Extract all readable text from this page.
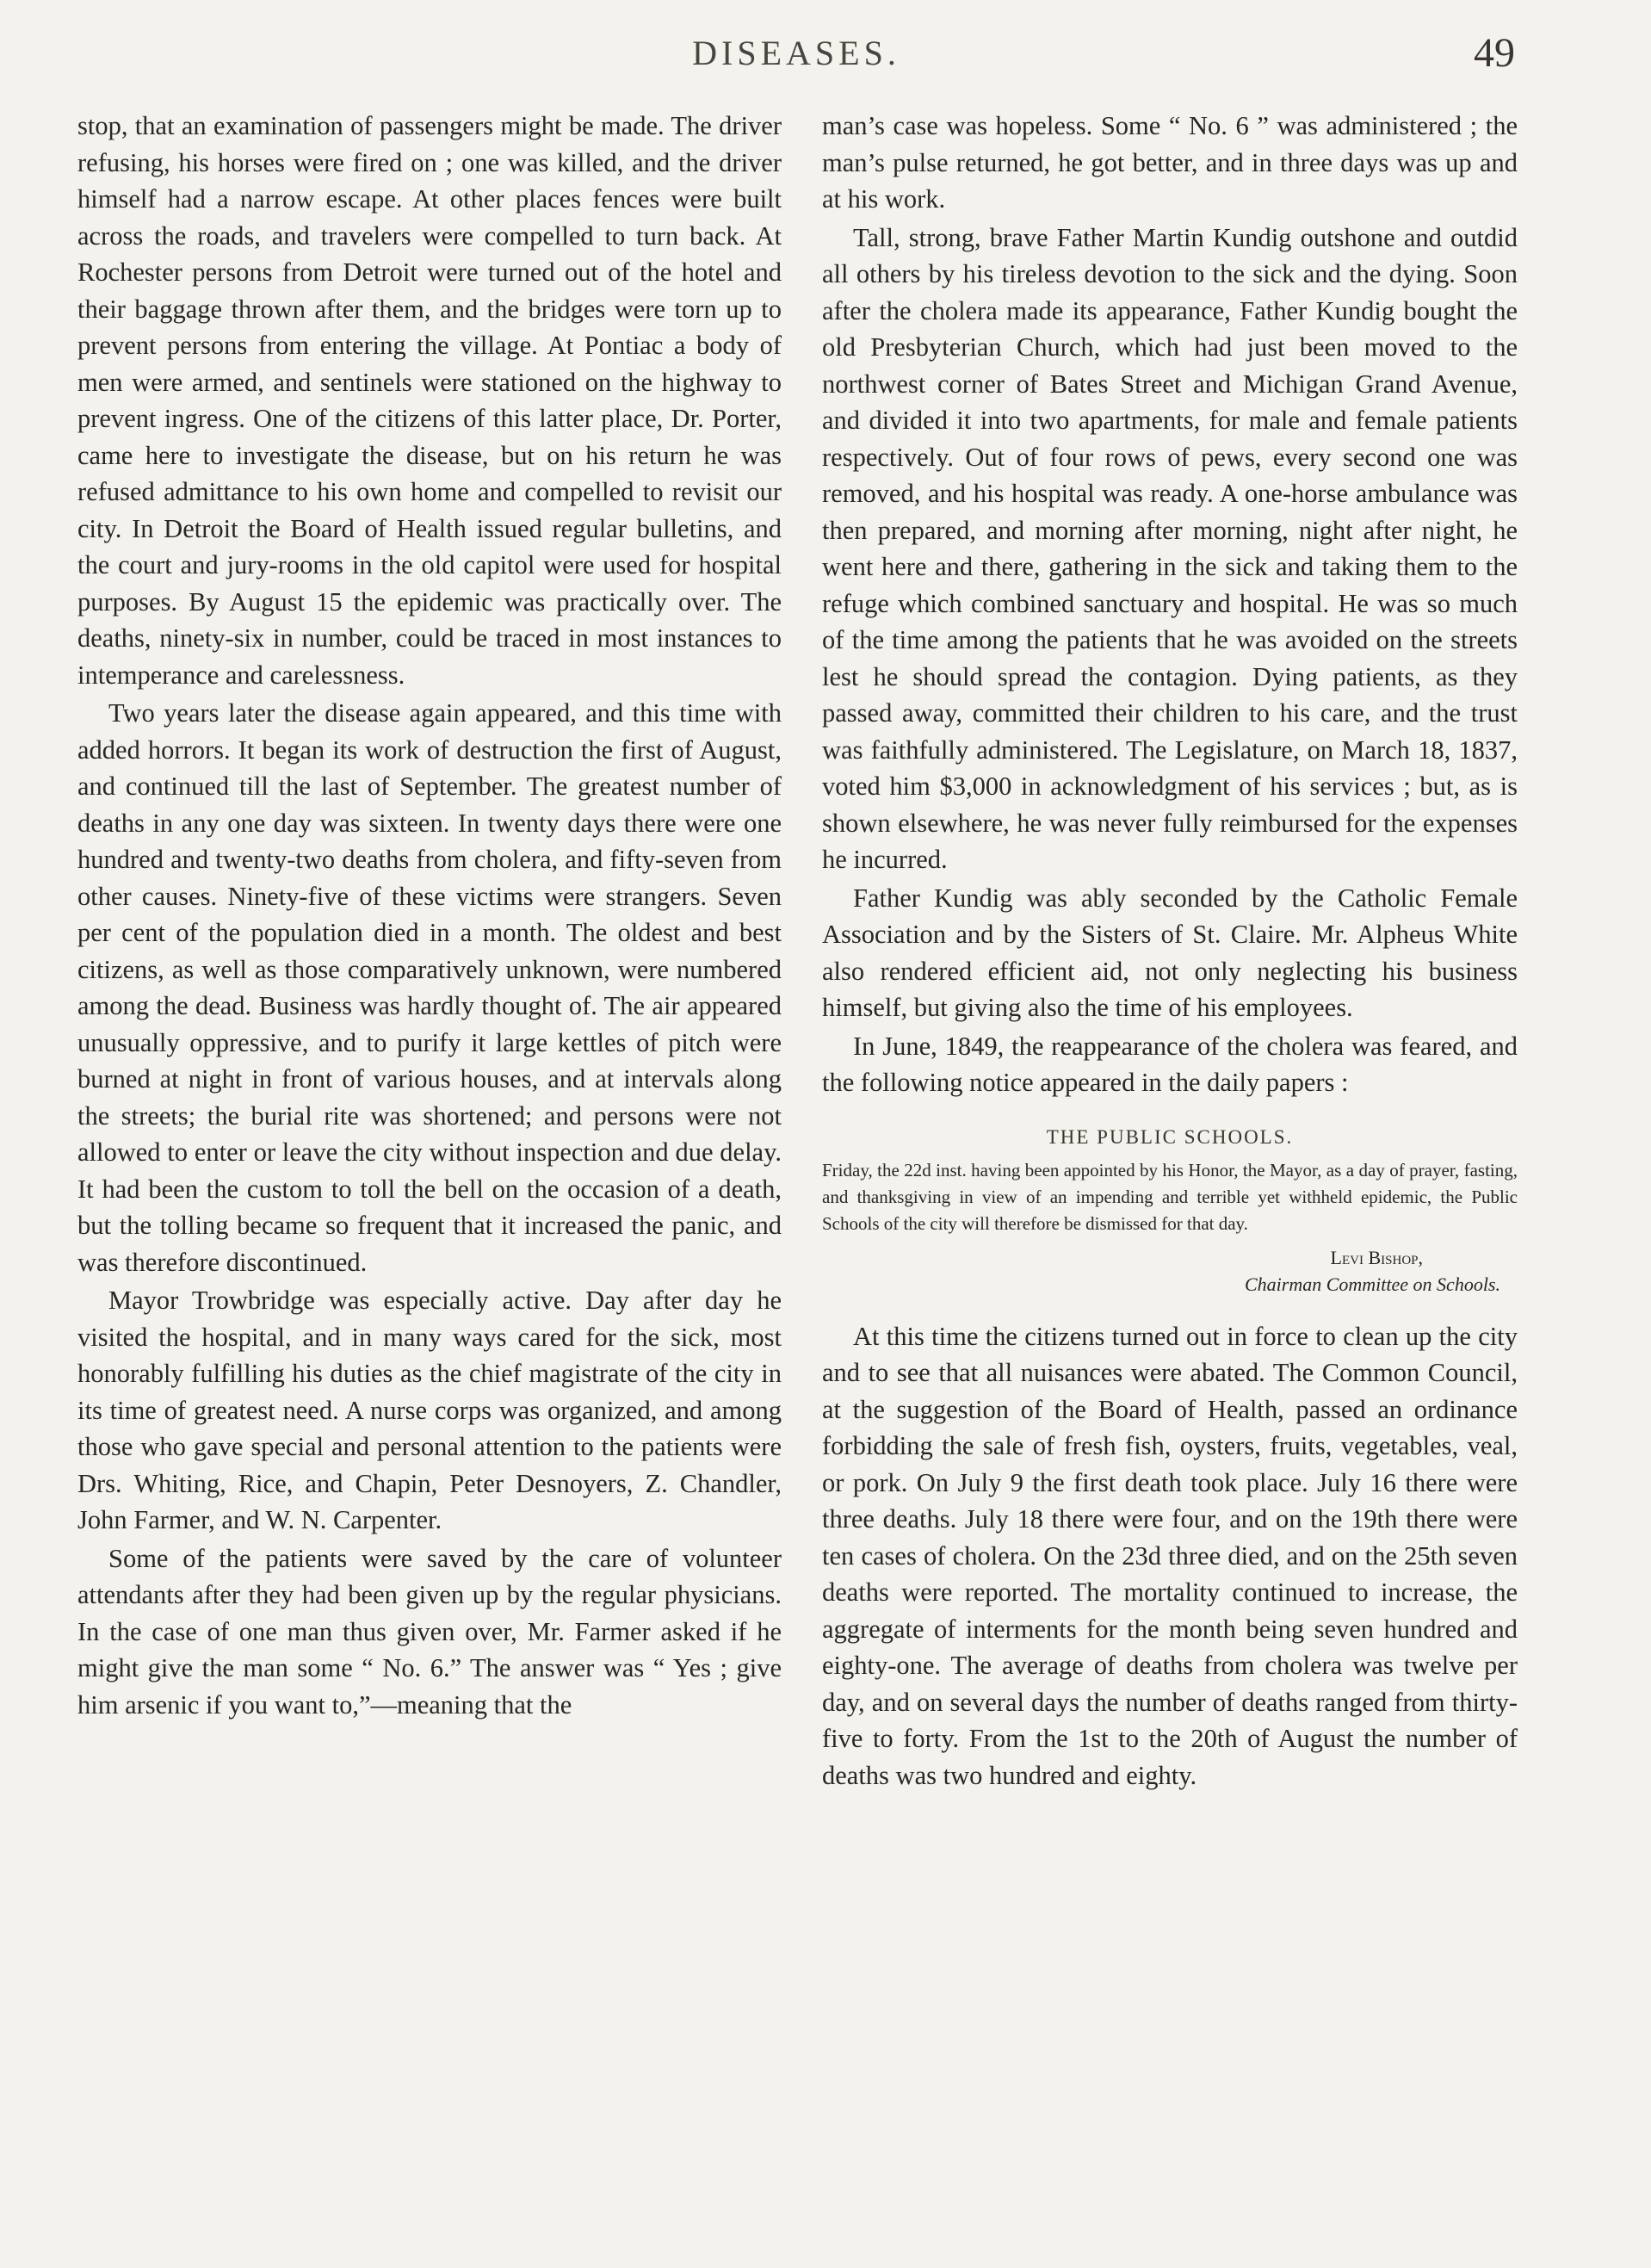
DISEASES.	49

stop, that an examination of passengers might be made. The driver refusing, his horses were fired on ; one was killed, and the driver himself had a narrow escape. At other places fences were built across the roads, and travelers were compelled to turn back. At Rochester persons from Detroit were turned out of the hotel and their baggage thrown after them, and the bridges were torn up to prevent persons from entering the village. At Pontiac a body of men were armed, and sentinels were stationed on the highway to prevent ingress. One of the citizens of this latter place, Dr. Porter, came here to investigate the disease, but on his return he was refused admittance to his own home and compelled to revisit our city. In Detroit the Board of Health issued regular bulletins, and the court and jury-rooms in the old capitol were used for hospital purposes. By August 15 the epidemic was practically over. The deaths, ninety-six in number, could be traced in most instances to intemperance and carelessness.

Two years later the disease again appeared, and this time with added horrors. It began its work of destruction the first of August, and continued till the last of September. The greatest number of deaths in any one day was sixteen. In twenty days there were one hundred and twenty-two deaths from cholera, and fifty-seven from other causes. Ninety-five of these victims were strangers. Seven per cent of the population died in a month. The oldest and best citizens, as well as those comparatively unknown, were numbered among the dead. Business was hardly thought of. The air appeared unusually oppressive, and to purify it large kettles of pitch were burned at night in front of various houses, and at intervals along the streets; the burial rite was shortened; and persons were not allowed to enter or leave the city without inspection and due delay. It had been the custom to toll the bell on the occasion of a death, but the tolling became so frequent that it increased the panic, and was therefore discontinued.

Mayor Trowbridge was especially active. Day after day he visited the hospital, and in many ways cared for the sick, most honorably fulfilling his duties as the chief magistrate of the city in its time of greatest need. A nurse corps was organized, and among those who gave special and personal attention to the patients were Drs. Whiting, Rice, and Chapin, Peter Desnoyers, Z. Chandler, John Farmer, and W. N. Carpenter.

Some of the patients were saved by the care of volunteer attendants after they had been given up by the regular physicians. In the case of one man thus given over, Mr. Farmer asked if he might give the man some “ No. 6.” The answer was “ Yes ; give him arsenic if you want to,”—meaning that the

man’s case was hopeless. Some “ No. 6 ” was administered ; the man’s pulse returned, he got better, and in three days was up and at his work.

Tall, strong, brave Father Martin Kundig outshone and outdid all others by his tireless devotion to the sick and the dying. Soon after the cholera made its appearance, Father Kundig bought the old Presbyterian Church, which had just been moved to the northwest corner of Bates Street and Michigan Grand Avenue, and divided it into two apartments, for male and female patients respectively. Out of four rows of pews, every second one was removed, and his hospital was ready. A one-horse ambulance was then prepared, and morning after morning, night after night, he went here and there, gathering in the sick and taking them to the refuge which combined sanctuary and hospital. He was so much of the time among the patients that he was avoided on the streets lest he should spread the contagion. Dying patients, as they passed away, committed their children to his care, and the trust was faithfully administered. The Legislature, on March 18, 1837, voted him $3,000 in acknowledgment of his services ; but, as is shown elsewhere, he was never fully reimbursed for the expenses he incurred.

Father Kundig was ably seconded by the Catholic Female Association and by the Sisters of St. Claire. Mr. Alpheus White also rendered efficient aid, not only neglecting his business himself, but giving also the time of his employees.

In June, 1849, the reappearance of the cholera was feared, and the following notice appeared in the daily papers :

THE PUBLIC SCHOOLS.

Friday, the 22d inst. having been appointed by his Honor, the Mayor, as a day of prayer, fasting, and thanksgiving in view of an impending and terrible yet withheld epidemic, the Public Schools of the city will therefore be dismissed for that day.

Levi Bishop,
Chairman Committee on Schools.

At this time the citizens turned out in force to clean up the city and to see that all nuisances were abated. The Common Council, at the suggestion of the Board of Health, passed an ordinance forbidding the sale of fresh fish, oysters, fruits, vegetables, veal, or pork. On July 9 the first death took place. July 16 there were three deaths. July 18 there were four, and on the 19th there were ten cases of cholera. On the 23d three died, and on the 25th seven deaths were reported. The mortality continued to increase, the aggregate of interments for the month being seven hundred and eighty-one. The average of deaths from cholera was twelve per day, and on several days the number of deaths ranged from thirty-five to forty. From the 1st to the 20th of August the number of deaths was two hundred and eighty.
